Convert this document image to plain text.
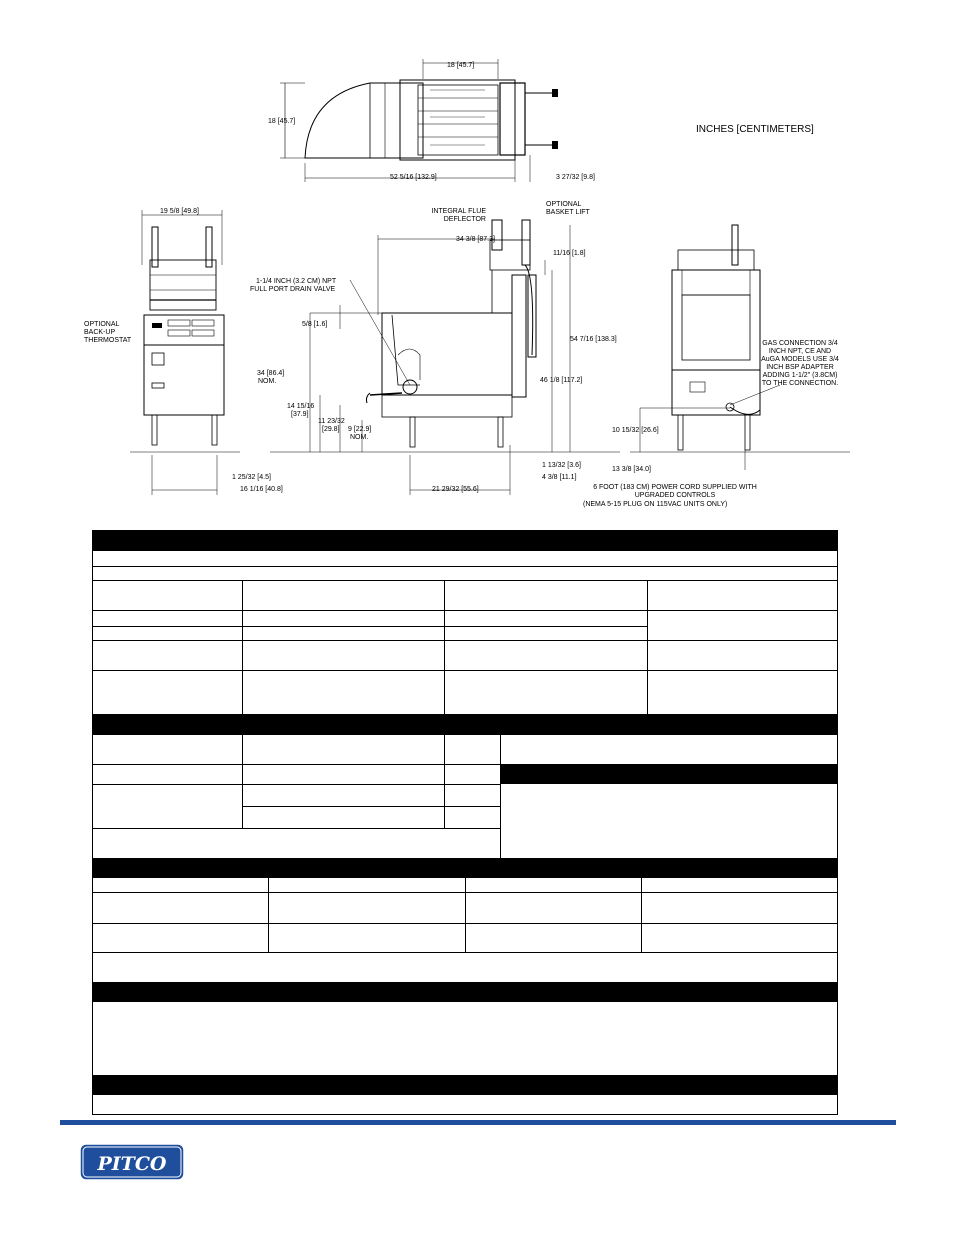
18 [45.7]
18 [45.7]
52 5/16 [132.9]	3 27/32 [9.8]
INCHES [CENTIMETERS]
19 5/8 [49.8]
OPTIONAL BACK-UP THERMOSTAT
1 25/32 [4.5]
16 1/16 [40.8]
INTEGRAL FLUE DEFLECTOR
OPTIONAL BASKET LIFT
1-1/4 INCH (3.2 CM) NPT
FULL PORT DRAIN VALVE
34 3/8 [87.3]
11/16 [1.8]
5/8 [1.6]
34 [86.4]
NOM.
14 15/16
[37.9]
11 23/32
[29.8] 9 [22.9]
NOM.
54 7/16 [138.3]
46 1/8 [117.2]
1 13/32 [3.6]
4 3/8 [11.1]
21 29/32 [55.6]
GAS CONNECTION 3/4 INCH NPT, CE AND AuGA MODELS USE 3/4 INCH BSP ADAPTER ADDING 1-1/2" (3.8CM) TO THE CONNECTION.
10 15/32 [26.6]
13 3/8 [34.0]
6 FOOT (183 CM) POWER CORD SUPPLIED WITH UPGRADED CONTROLS
(NEMA 5-15 PLUG ON 115VAC UNITS ONLY)
PITCO
